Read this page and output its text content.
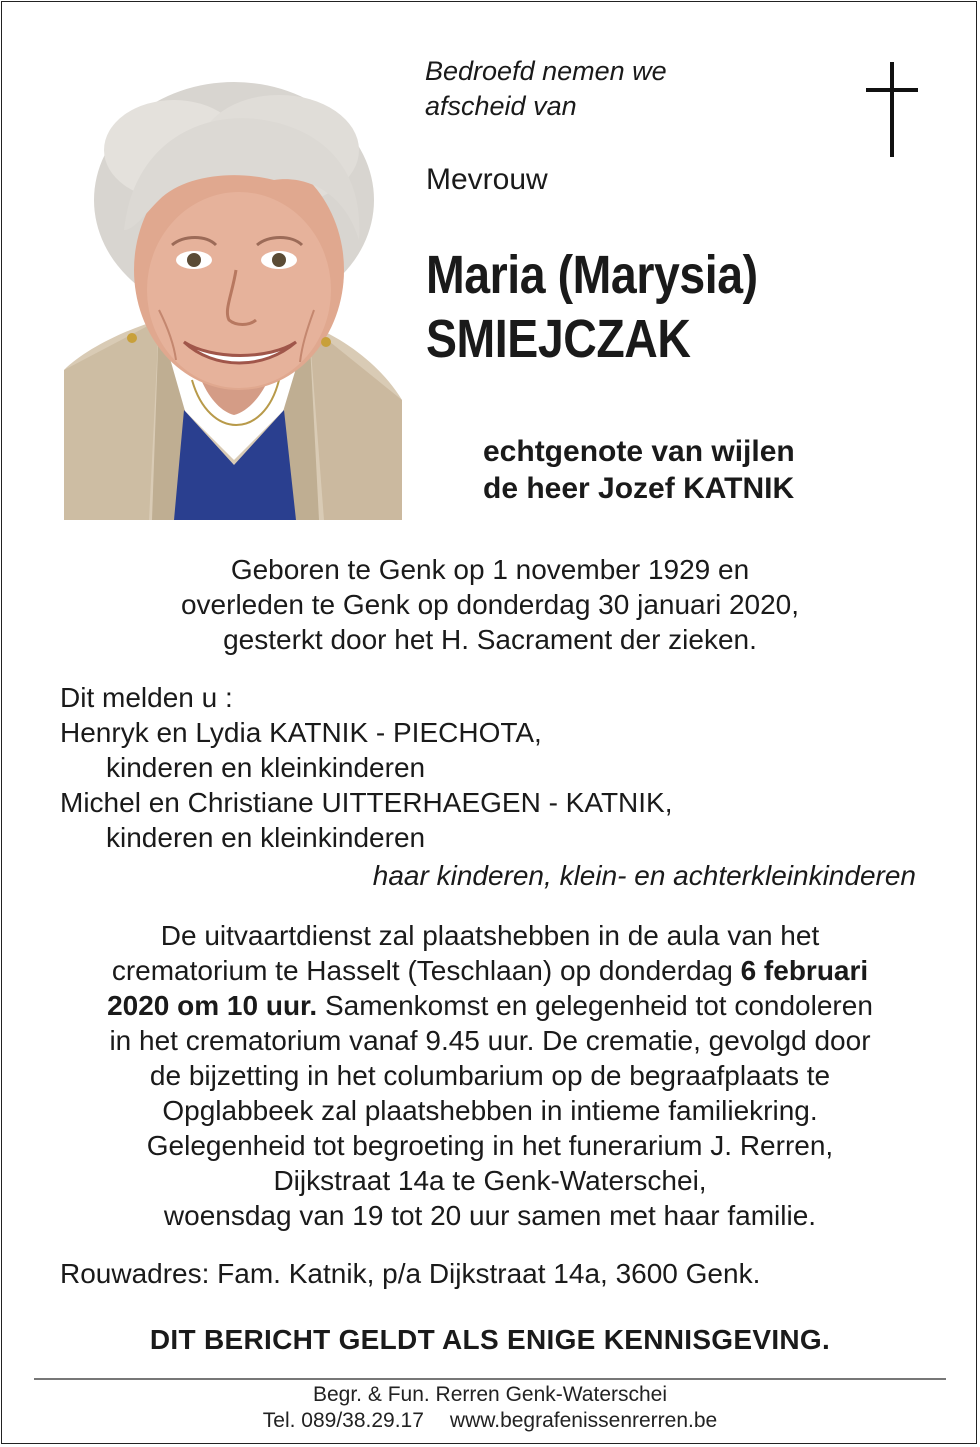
Bedroefd nemen we
afscheid van
Mevrouw
Maria (Marysia)
SMIEJCZAK
echtgenote van wijlen
de heer Jozef KATNIK
Geboren te Genk op 1 november 1929 en
overleden te Genk op donderdag 30 januari 2020,
gesterkt door het H. Sacrament der zieken.
Dit melden u :
Henryk en Lydia KATNIK - PIECHOTA,
kinderen en kleinkinderen
Michel en Christiane UITTERHAEGEN - KATNIK,
kinderen en kleinkinderen
haar kinderen, klein- en achterkleinkinderen
De uitvaartdienst zal plaatshebben in de aula van het
crematorium te Hasselt (Teschlaan) op donderdag 6 februari
2020 om 10 uur. Samenkomst en gelegenheid tot condoleren
in het crematorium vanaf 9.45 uur. De crematie, gevolgd door
de bijzetting in het columbarium op de begraafplaats te
Opglabbeek zal plaatshebben in intieme familiekring.
Gelegenheid tot begroeting in het funerarium J. Rerren,
Dijkstraat 14a te Genk-Waterschei,
woensdag van 19 tot 20 uur samen met haar familie.
Rouwadres: Fam. Katnik, p/a Dijkstraat 14a, 3600 Genk.
DIT BERICHT GELDT ALS ENIGE KENNISGEVING.
Begr. & Fun. Rerren Genk-Waterschei
Tel. 089/38.29.17 www.begrafenissenrerren.be
